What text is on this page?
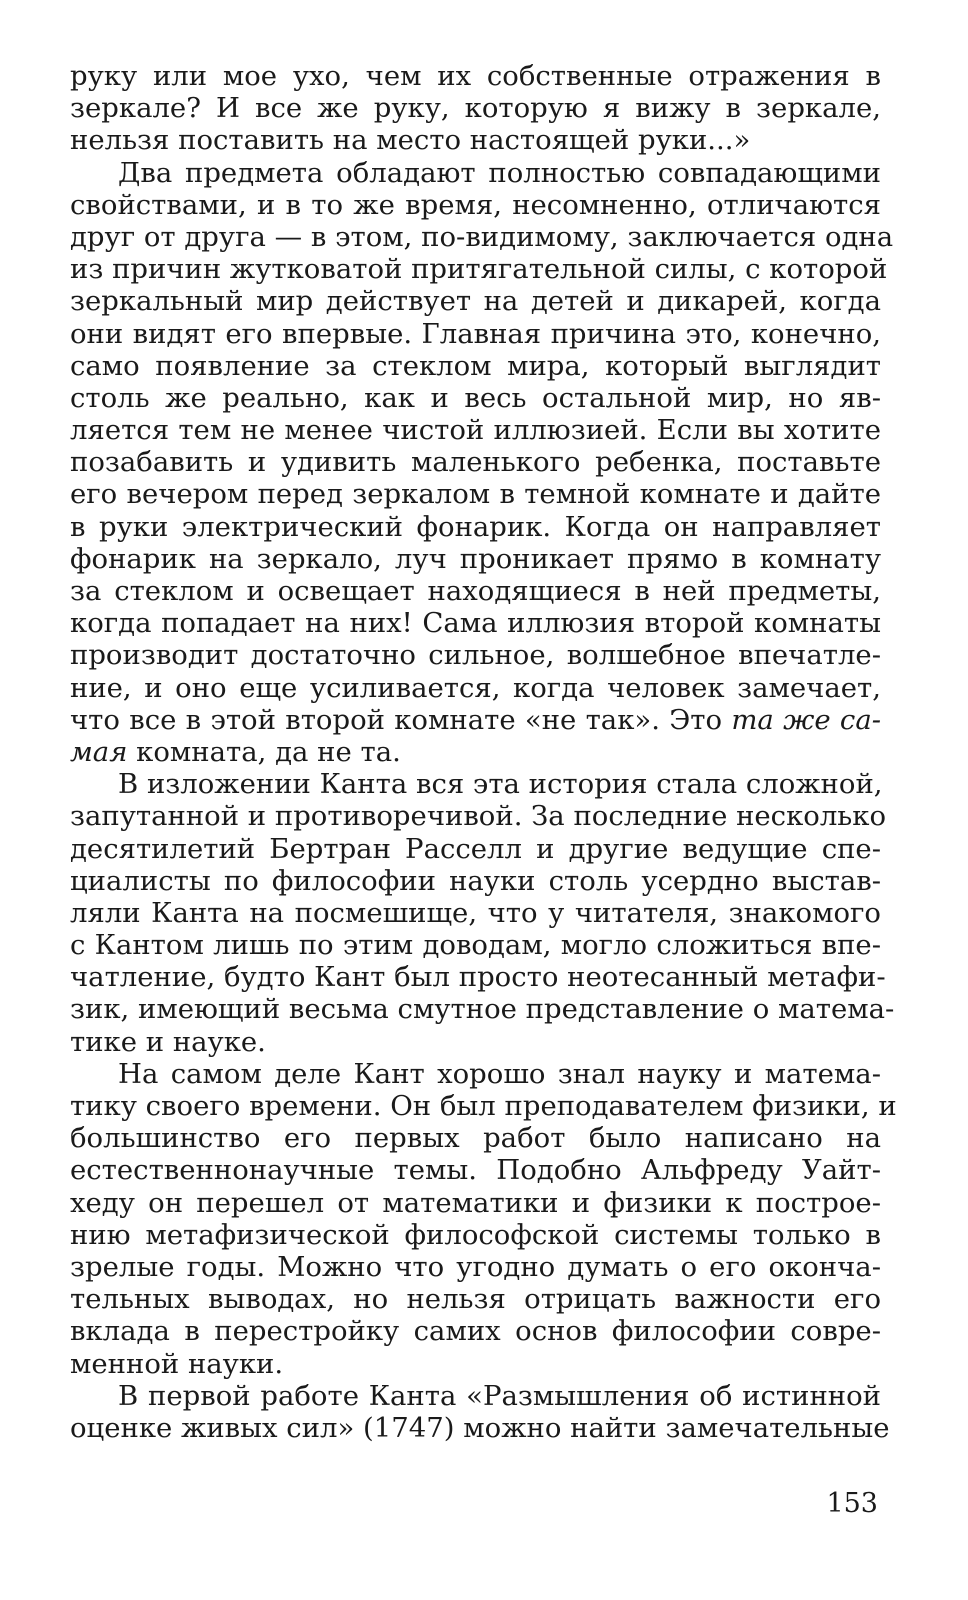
руку или мое ухо, чем их собственные отражения в
зеркале? И все же руку, которую я вижу в зеркале,
нельзя поставить на место настоящей руки...»
Два предмета обладают полностью совпадающими
свойствами, и в то же время, несомненно, отличаются
друг от друга — в этом, по-видимому, заключается одна
из причин жутковатой притягательной силы, с которой
зеркальный мир действует на детей и дикарей, когда
они видят его впервые. Главная причина это, конечно,
само появление за стеклом мира, который выглядит
столь же реально, как и весь остальной мир, но яв-
ляется тем не менее чистой иллюзией. Если вы хотите
позабавить и удивить маленького ребенка, поставьте
его вечером перед зеркалом в темной комнате и дайте
в руки электрический фонарик. Когда он направляет
фонарик на зеркало, луч проникает прямо в комнату
за стеклом и освещает находящиеся в ней предметы,
когда попадает на них! Сама иллюзия второй комнаты
производит достаточно сильное, волшебное впечатле-
ние, и оно еще усиливается, когда человек замечает,
что все в этой второй комнате «не так». Это та же са-
мая комната, да не та.
В изложении Канта вся эта история стала сложной,
запутанной и противоречивой. За последние несколько
десятилетий Бертран Расселл и другие ведущие спе-
циалисты по философии науки столь усердно выстав-
ляли Канта на посмешище, что у читателя, знакомого
с Кантом лишь по этим доводам, могло сложиться впе-
чатление, будто Кант был просто неотесанный метафи-
зик, имеющий весьма смутное представление о матема-
тике и науке.
На самом деле Кант хорошо знал науку и матема-
тику своего времени. Он был преподавателем физики, и
большинство его первых работ было написано на
естественнонаучные темы. Подобно Альфреду Уайт-
хеду он перешел от математики и физики к построе-
нию метафизической философской системы только в
зрелые годы. Можно что угодно думать о его оконча-
тельных выводах, но нельзя отрицать важности его
вклада в перестройку самих основ философии совре-
менной науки.
В первой работе Канта «Размышления об истинной
оценке живых сил» (1747) можно найти замечательные
153
